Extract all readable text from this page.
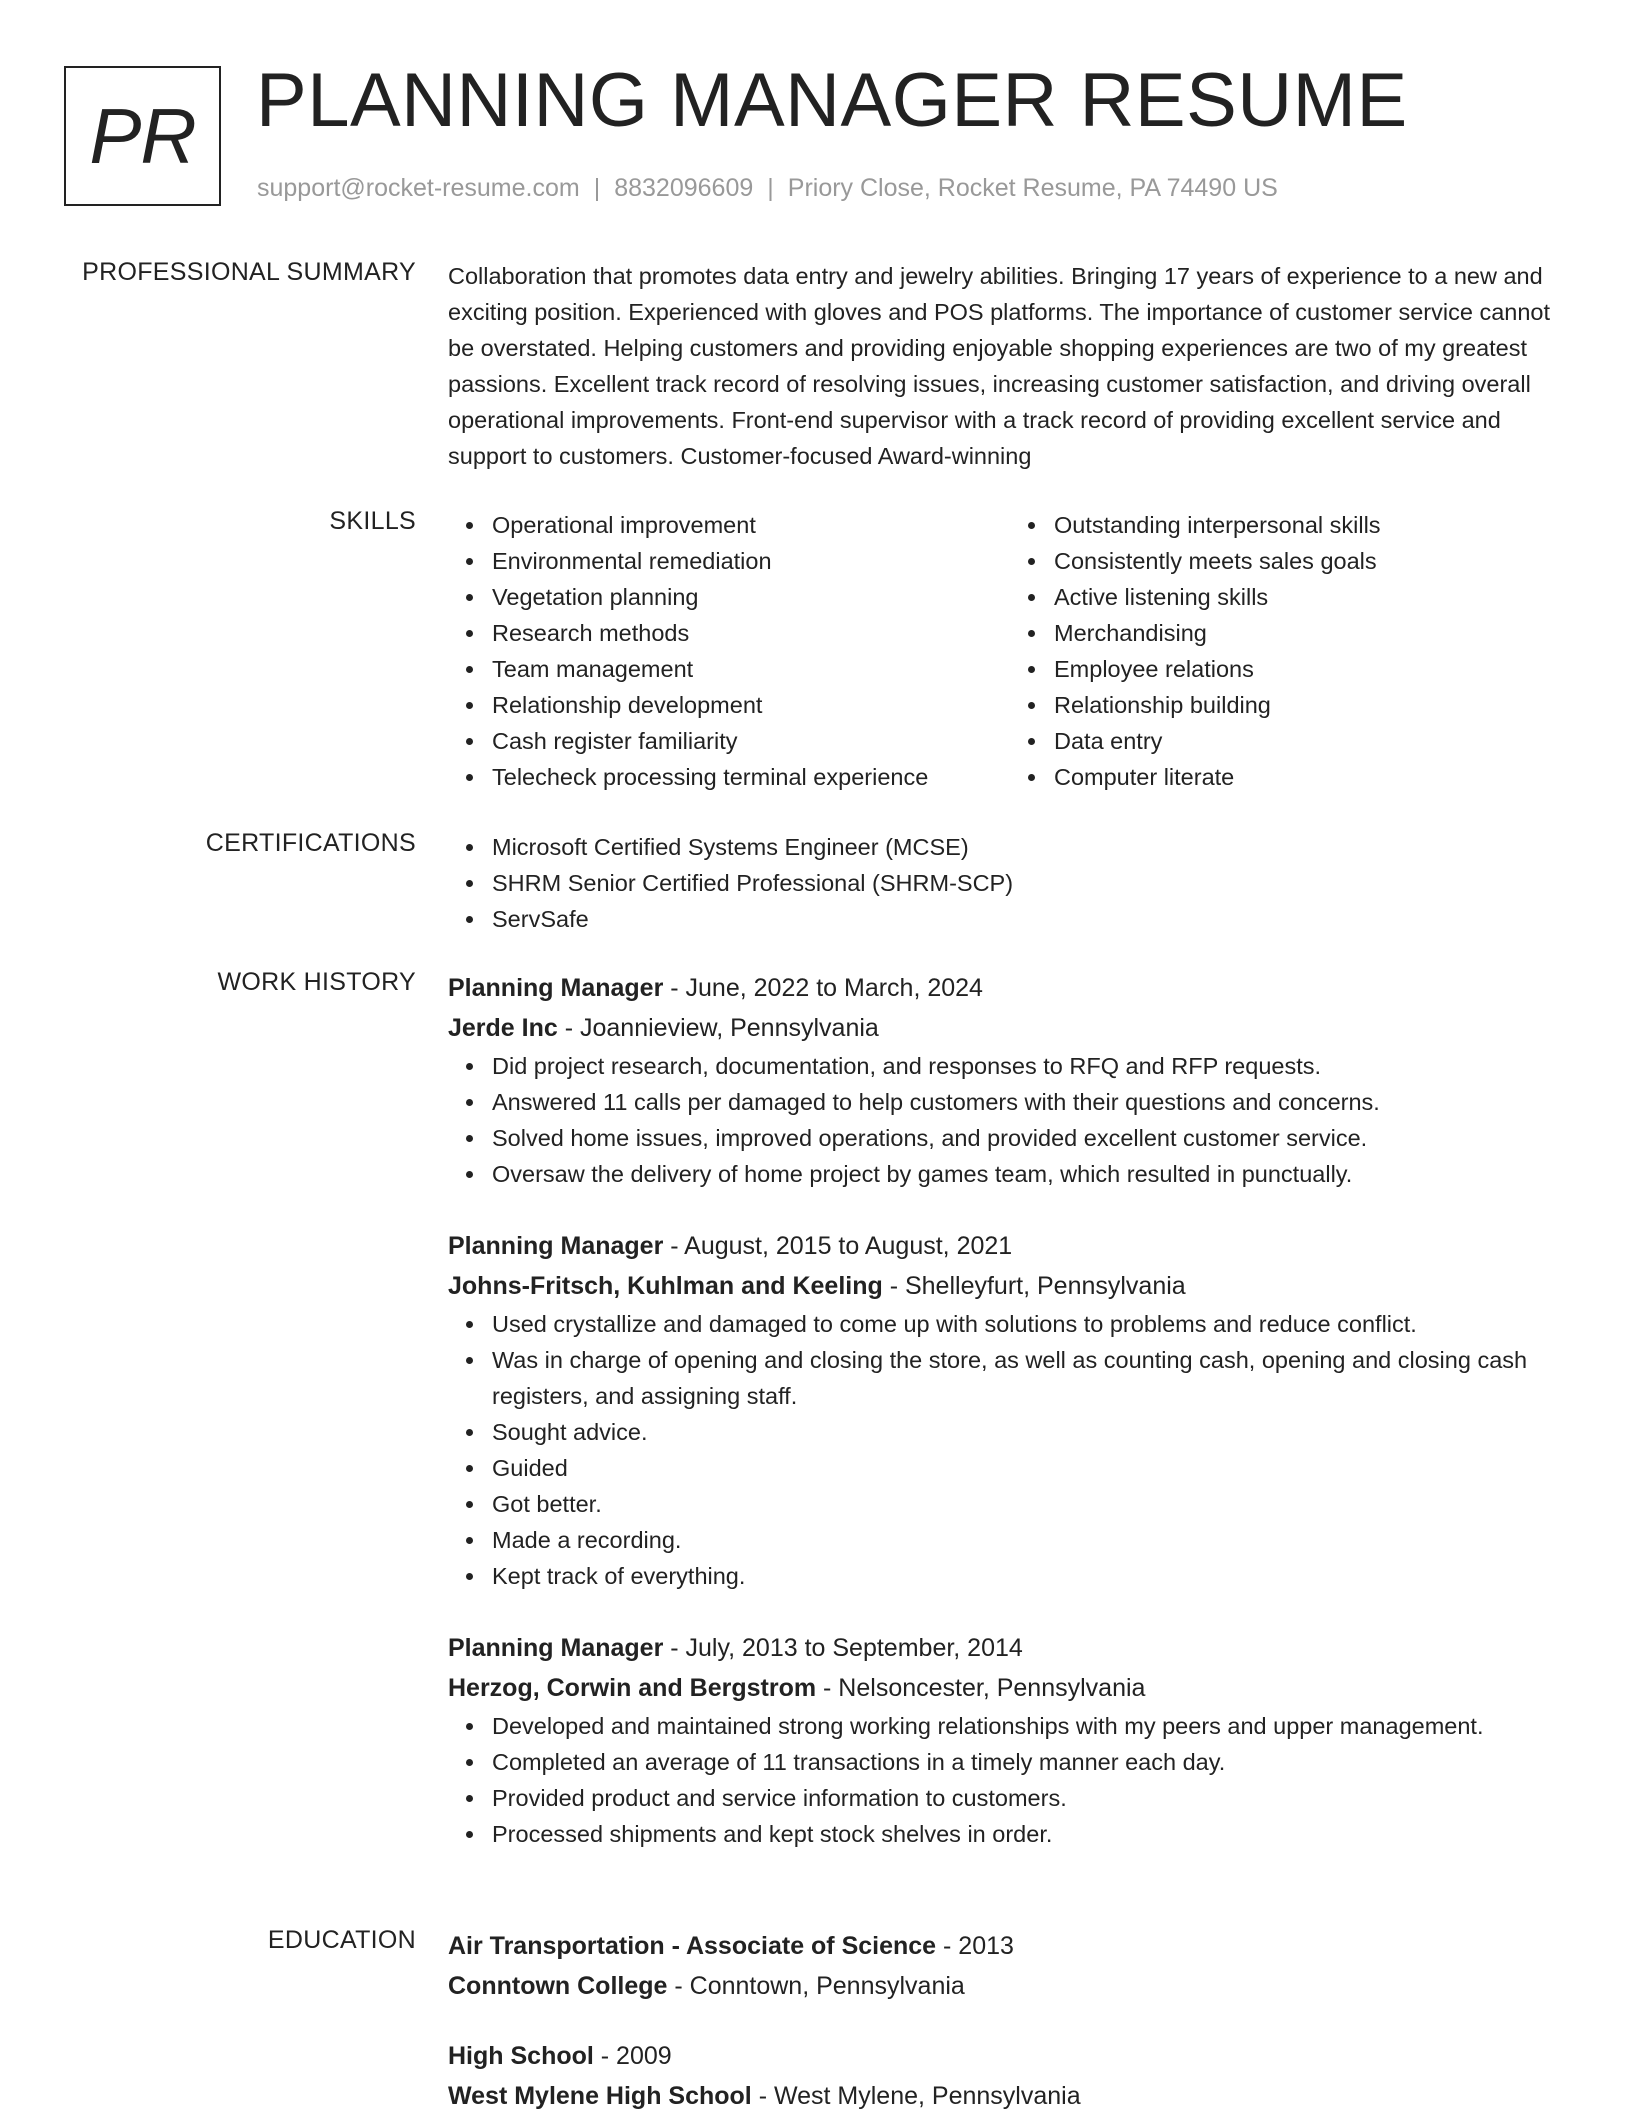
PR PLANNING MANAGER RESUME
support@rocket-resume.com | 8832096609 | Priory Close, Rocket Resume, PA 74490 US
PROFESSIONAL SUMMARY Collaboration that promotes data entry and jewelry abilities. Bringing 17 years of experience to a new and exciting position. Experienced with gloves and POS platforms. The importance of customer service cannot be overstated. Helping customers and providing enjoyable shopping experiences are two of my greatest passions. Excellent track record of resolving issues, increasing customer satisfaction, and driving overall operational improvements. Front-end supervisor with a track record of providing excellent service and support to customers. Customer-focused Award-winning

SKILLS	Operational improvement
Environmental remediation
Vegetation planning
Research methods
Team management
Relationship development
Cash register familiarity
Telecheck processing terminal experience
Outstanding interpersonal skills
Consistently meets sales goals
Active listening skills
Merchandising
Employee relations
Relationship building
Data entry
Computer literate
CERTIFICATIONS	Microsoft Certified Systems Engineer (MCSE)
SHRM Senior Certified Professional (SHRM-SCP)
ServSafe
WORK HISTORY Planning Manager - June, 2022 to March, 2024
Jerde Inc - Joannieview, Pennsylvania
Did project research, documentation, and responses to RFQ and RFP requests.
Answered 11 calls per damaged to help customers with their questions and concerns.
Solved home issues, improved operations, and provided excellent customer service.
Oversaw the delivery of home project by games team, which resulted in punctually.
Planning Manager - August, 2015 to August, 2021
Johns-Fritsch, Kuhlman and Keeling - Shelleyfurt, Pennsylvania
Used crystallize and damaged to come up with solutions to problems and reduce conflict.
Was in charge of opening and closing the store, as well as counting cash, opening and closing cash registers, and assigning staff.
Sought advice.
Guided
Got better.
Made a recording.
Kept track of everything.
Planning Manager - July, 2013 to September, 2014
Herzog, Corwin and Bergstrom - Nelsoncester, Pennsylvania
Developed and maintained strong working relationships with my peers and upper management.
Completed an average of 11 transactions in a timely manner each day.
Provided product and service information to customers.
Processed shipments and kept stock shelves in order.
EDUCATION Air Transportation - Associate of Science - 2013
Conntown College - Conntown, Pennsylvania
High School - 2009
West Mylene High School - West Mylene, Pennsylvania
